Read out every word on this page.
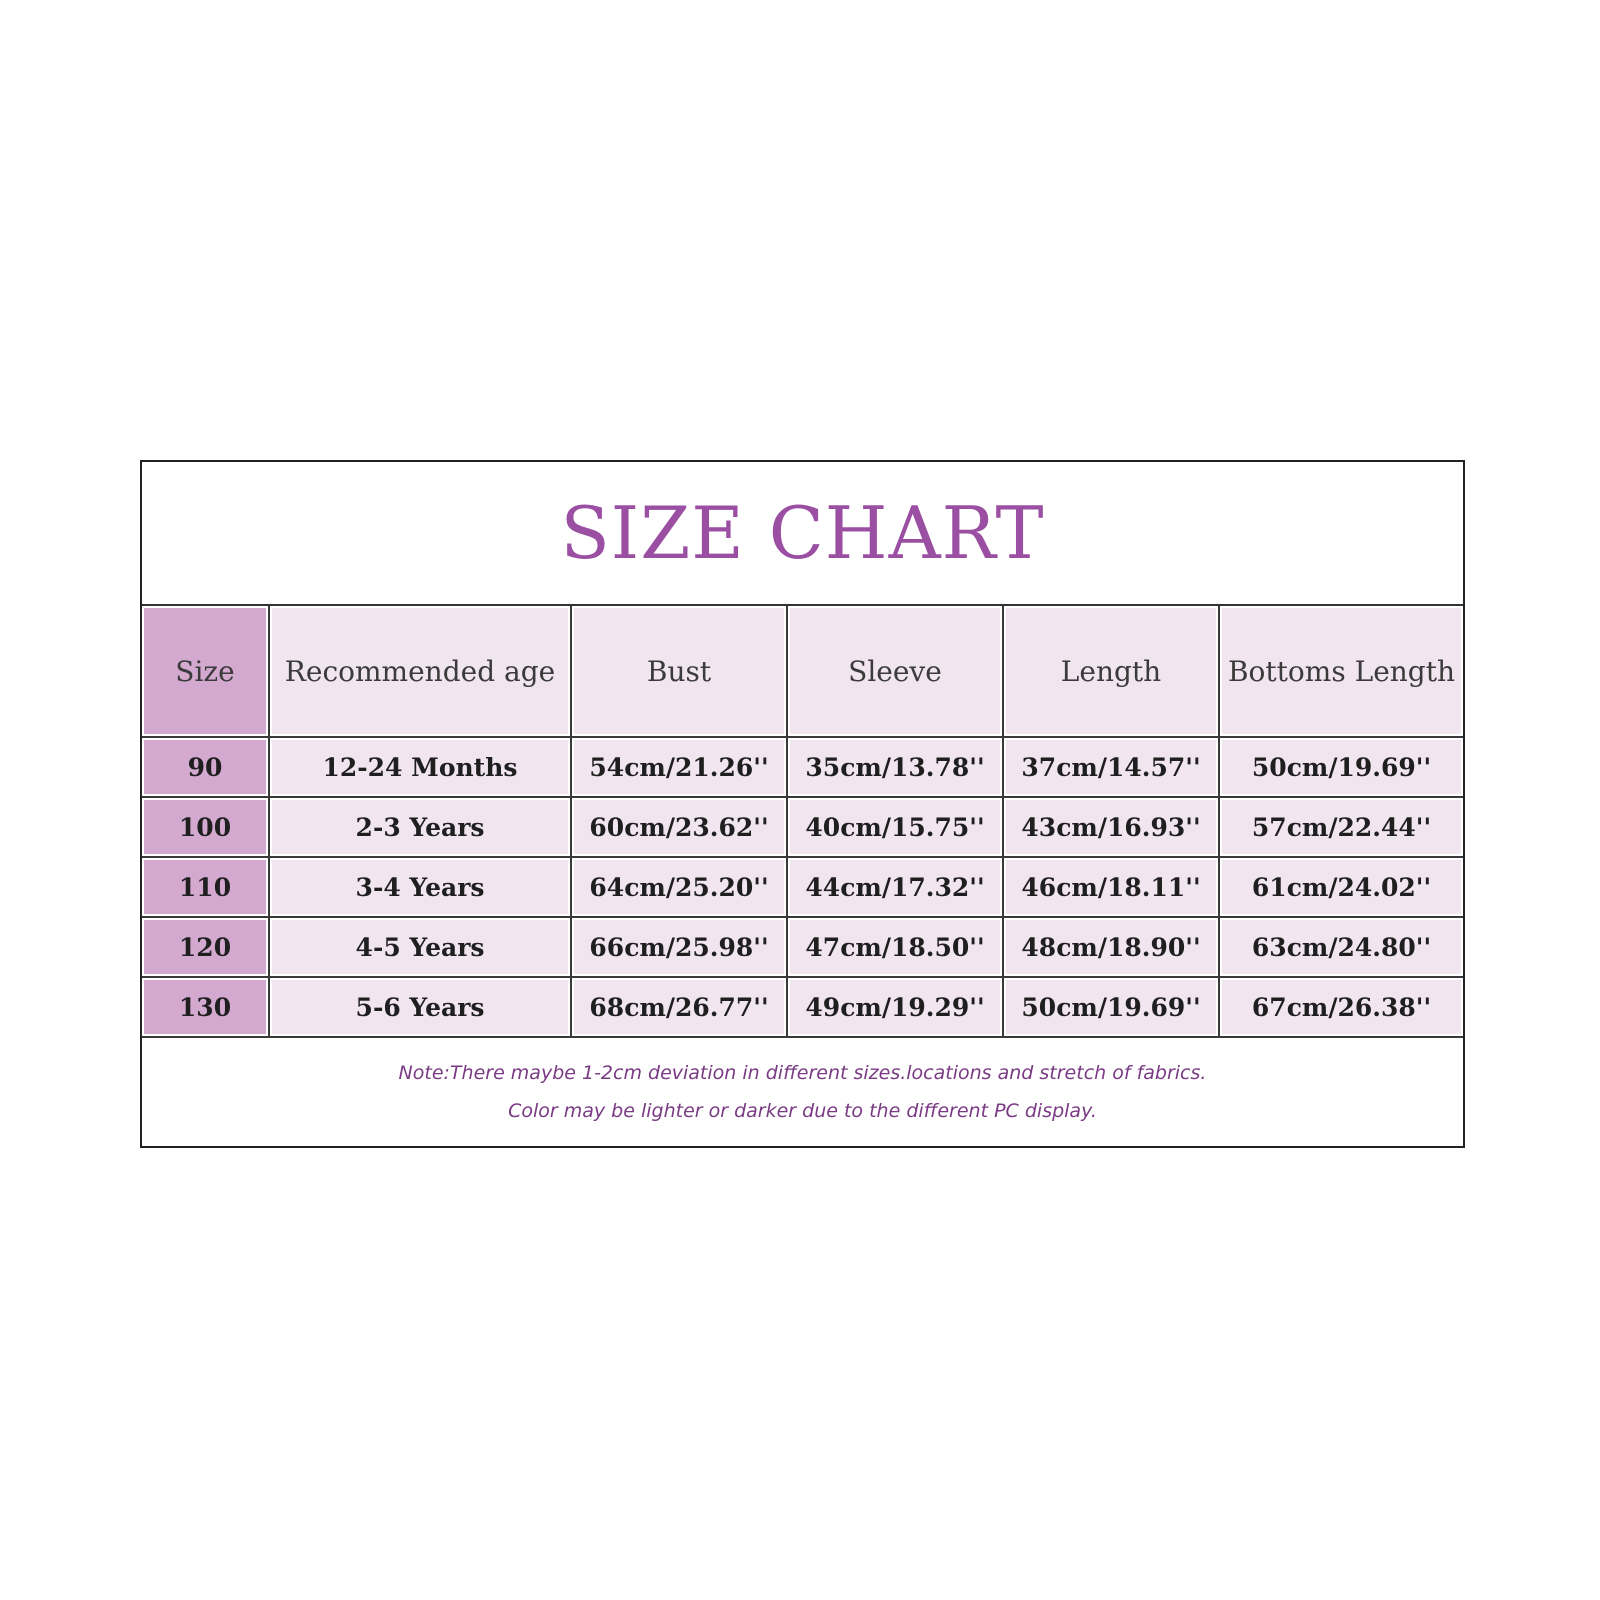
SIZE CHART
Size	Recommended age	Bust	Sleeve	Length	Bottoms Length
90	12-24 Months	54cm/21.26''	35cm/13.78''	37cm/14.57''	50cm/19.69''
100	2-3 Years	60cm/23.62''	40cm/15.75''	43cm/16.93''	57cm/22.44''
110	3-4 Years	64cm/25.20''	44cm/17.32''	46cm/18.11''	61cm/24.02''
120	4-5 Years	66cm/25.98''	47cm/18.50''	48cm/18.90''	63cm/24.80''
130	5-6 Years	68cm/26.77''	49cm/19.29''	50cm/19.69''	67cm/26.38''
Note:There maybe 1-2cm deviation in different sizes.locations and stretch of fabrics.
Color may be lighter or darker due to the different PC display.
